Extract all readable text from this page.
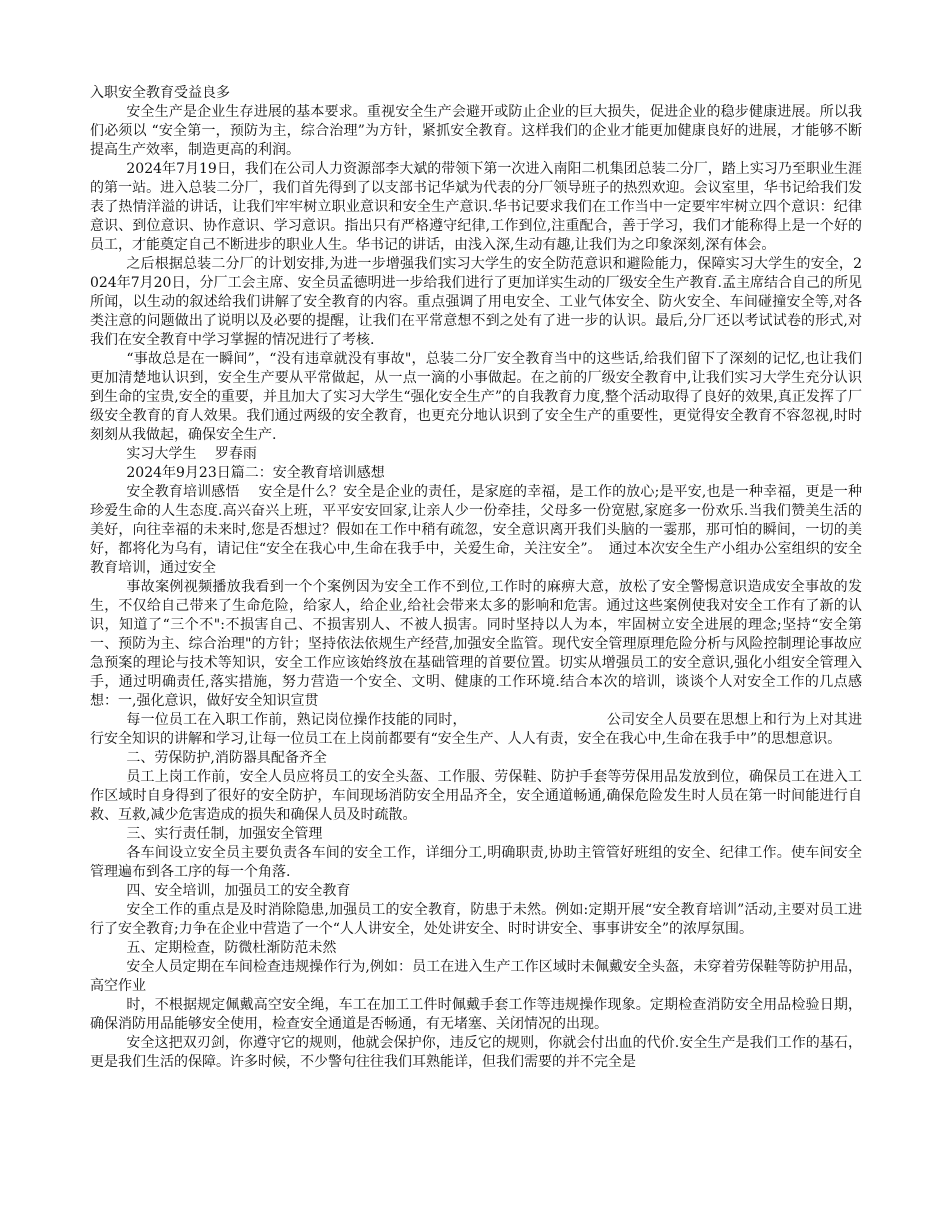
入职安全教育受益良多

安全生产是企业生存进展的基本要求。重视安全生产会避开或防止企业的巨大损失，促进企业的稳步健康进展。所以我们必须以 “安全第一，预防为主，综合治理”为方针，紧抓安全教育。这样我们的企业才能更加健康良好的进展，才能够不断提高生产效率，制造更高的利润。

2024年7月19日，我们在公司人力资源部李大斌的带领下第一次进入南阳二机集团总装二分厂，踏上实习乃至职业生涯的第一站。进入总装二分厂，我们首先得到了以支部书记华斌为代表的分厂领导班子的热烈欢迎。会议室里，华书记给我们发表了热情洋溢的讲话，让我们牢牢树立职业意识和安全生产意识.华书记要求我们在工作当中一定要牢牢树立四个意识：纪律意识、到位意识、协作意识、学习意识。指出只有严格遵守纪律,工作到位,注重配合，善于学习，我们才能称得上是一个好的员工，才能奠定自己不断进步的职业人生。华书记的讲话，由浅入深,生动有趣,让我们为之印象深刻,深有体会。

之后根据总装二分厂的计划安排,为进一步增强我们实习大学生的安全防范意识和避险能力，保障实习大学生的安全，2024年7月20日，分厂工会主席、安全员孟德明进一步给我们进行了更加详实生动的厂级安全生产教育.孟主席结合自己的所见所闻，以生动的叙述给我们讲解了安全教育的内容。重点强调了用电安全、工业气体安全、防火安全、车间碰撞安全等,对各类注意的问题做出了说明以及必要的提醒，让我们在平常意想不到之处有了进一步的认识。最后,分厂还以考试试卷的形式,对我们在安全教育中学习掌握的情况进行了考核.

“事故总是在一瞬间”，“没有违章就没有事故"，总装二分厂安全教育当中的这些话,给我们留下了深刻的记忆,也让我们更加清楚地认识到，安全生产要从平常做起，从一点一滴的小事做起。在之前的厂级安全教育中,让我们实习大学生充分认识到生命的宝贵,安全的重要，并且加大了实习大学生“强化安全生产”的自我教育力度,整个活动取得了良好的效果,真正发挥了厂级安全教育的育人效果。我们通过两级的安全教育，也更充分地认识到了安全生产的重要性，更觉得安全教育不容忽视,时时刻刻从我做起，确保安全生产.

实习大学生　 罗春雨

2024年9月23日篇二：安全教育培训感想

安全教育培训感悟　 安全是什么？安全是企业的责任，是家庭的幸福，是工作的放心;是平安,也是一种幸福，更是一种珍爱生命的人生态度.高兴奋兴上班，平平安安回家,让亲人少一份牵挂，父母多一份宽慰,家庭多一份欢乐.当我们赞美生活的美好，向往幸福的未来时,您是否想过？假如在工作中稍有疏忽，安全意识离开我们头脑的一霎那，那可怕的瞬间，一切的美好，都将化为乌有，请记住“安全在我心中,生命在我手中，关爱生命，关注安全”。　通过本次安全生产小组办公室组织的安全教育培训，通过安全

事故案例视频播放我看到一个个案例因为安全工作不到位,工作时的麻痹大意，放松了安全警惕意识造成安全事故的发生，不仅给自己带来了生命危险，给家人，给企业,给社会带来太多的影响和危害。通过这些案例使我对安全工作有了新的认识，知道了“三个不":不损害自己、不损害别人、不被人损害。同时坚持以人为本，牢固树立安全进展的理念;坚持“安全第一、预防为主、综合治理"的方针；坚持依法依规生产经营,加强安全监管。现代安全管理原理危险分析与风险控制理论事故应急预案的理论与技术等知识，安全工作应该始终放在基础管理的首要位置。切实从增强员工的安全意识,强化小组安全管理入手，通过明确责任,落实措施，努力营造一个安全、文明、健康的工作环境.结合本次的培训，谈谈个人对安全工作的几点感想：一,强化意识，做好安全知识宣贯

每一位员工在入职工作前，熟记岗位操作技能的同时，	公司安全人员要在思想上和行为上对其进行安全知识的讲解和学习,让每一位员工在上岗前都要有“安全生产、人人有责，安全在我心中,生命在我手中”的思想意识。

二、劳保防护,消防器具配备齐全

员工上岗工作前，安全人员应将员工的安全头盔、工作服、劳保鞋、防护手套等劳保用品发放到位，确保员工在进入工作区域时自身得到了很好的安全防护，车间现场消防安全用品齐全，安全通道畅通,确保危险发生时人员在第一时间能进行自救、互救,减少危害造成的损失和确保人员及时疏散。

三、实行责任制，加强安全管理

各车间设立安全员主要负责各车间的安全工作，详细分工,明确职责,协助主管管好班组的安全、纪律工作。使车间安全管理遍布到各工序的每一个角落.

四、安全培训，加强员工的安全教育

安全工作的重点是及时消除隐患,加强员工的安全教育，防患于未然。例如:定期开展“安全教育培训”活动,主要对员工进行了安全教育;力争在企业中营造了一个“人人讲安全，处处讲安全、时时讲安全、事事讲安全”的浓厚氛围。

五、定期检查，防微杜渐防范未然

安全人员定期在车间检查违规操作行为,例如：员工在进入生产工作区域时未佩戴安全头盔，未穿着劳保鞋等防护用品，高空作业

时，不根据规定佩戴高空安全绳，车工在加工工件时佩戴手套工作等违规操作现象。定期检查消防安全用品检验日期，确保消防用品能够安全使用，检查安全通道是否畅通，有无堵塞、关闭情况的出现。

安全这把双刃剑，你遵守它的规则，他就会保护你，违反它的规则，你就会付出血的代价.安全生产是我们工作的基石，更是我们生活的保障。许多时候，不少警句往往我们耳熟能详，但我们需要的并不完全是
